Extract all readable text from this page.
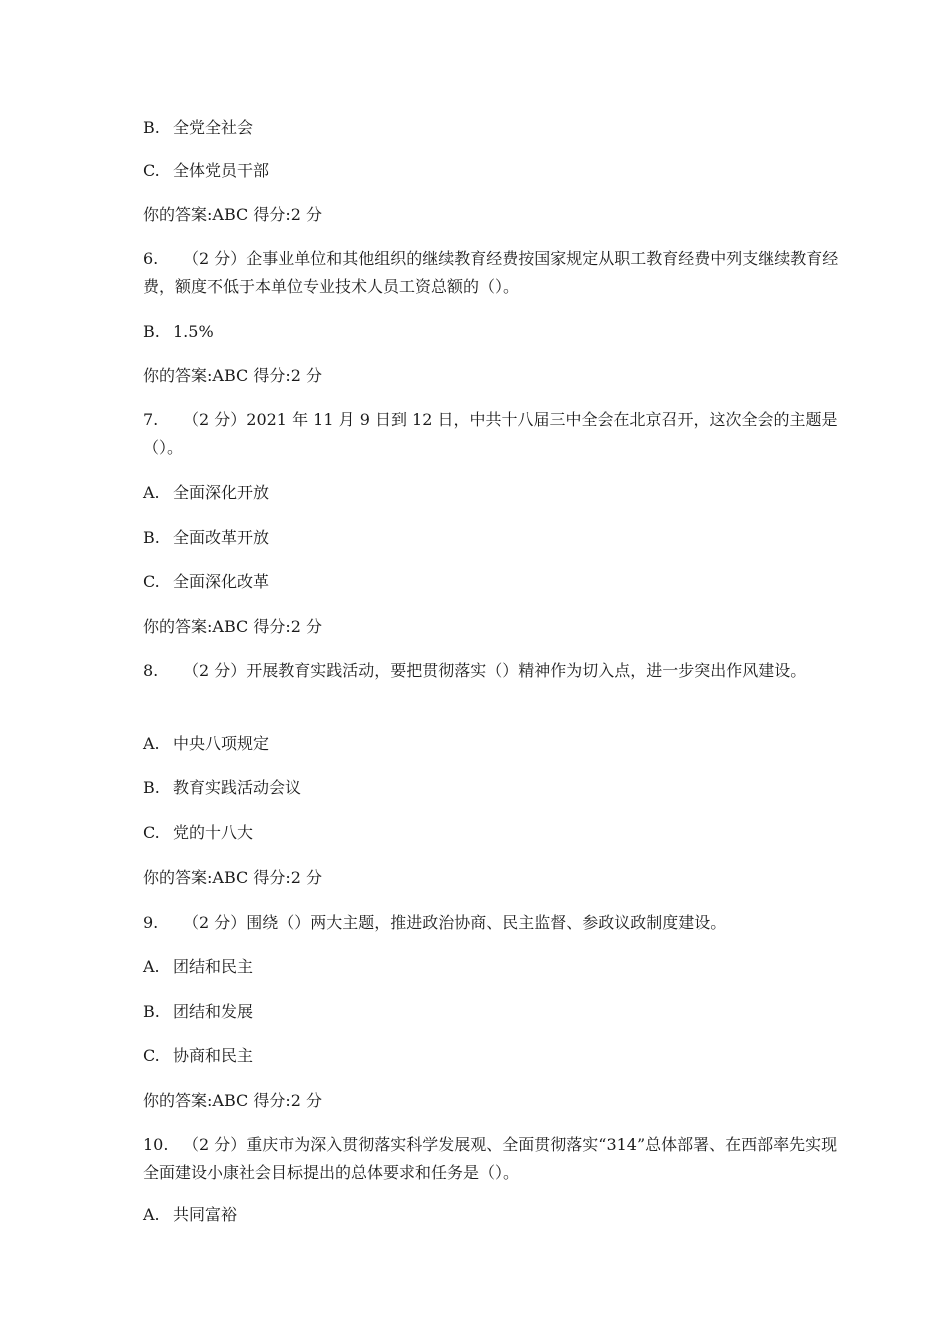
B. 全党全社会
C. 全体党员干部
你的答案:ABC 得分:2 分
6. （2 分）企事业单位和其他组织的继续教育经费按国家规定从职工教育经费中列支继续教育经费，额度不低于本单位专业技术人员工资总额的（）。
B. 1.5%
你的答案:ABC 得分:2 分
7. （2 分）2021 年 11 月 9 日到 12 日，中共十八届三中全会在北京召开，这次全会的主题是（）。
A. 全面深化开放
B. 全面改革开放
C. 全面深化改革
你的答案:ABC 得分:2 分
8. （2 分）开展教育实践活动，要把贯彻落实（）精神作为切入点，进一步突出作风建设。
A. 中央八项规定
B. 教育实践活动会议
C. 党的十八大
你的答案:ABC 得分:2 分
9. （2 分）围绕（）两大主题，推进政治协商、民主监督、参政议政制度建设。
A. 团结和民主
B. 团结和发展
C. 协商和民主
你的答案:ABC 得分:2 分
10. （2 分）重庆市为深入贯彻落实科学发展观、全面贯彻落实“314”总体部署、在西部率先实现全面建设小康社会目标提出的总体要求和任务是（）。
A. 共同富裕
